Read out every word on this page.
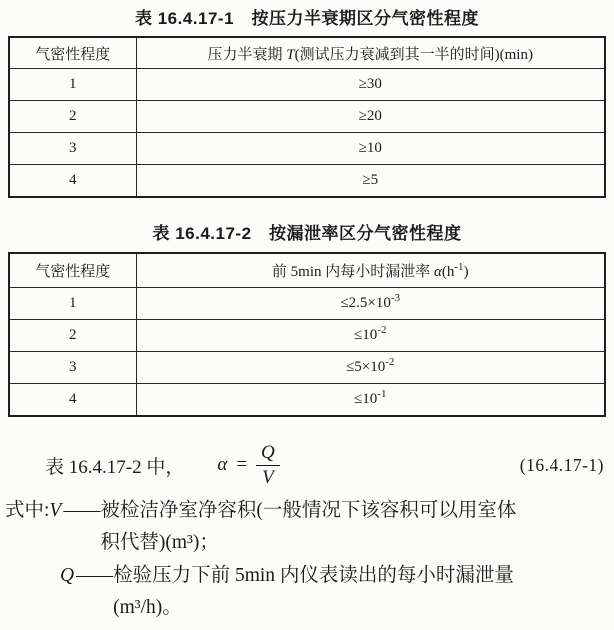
表 16.4.17-1　按压力半衰期区分气密性程度
气密性程度	压力半衰期 T(测试压力衰减到其一半的时间)(min)
1	≥30
2	≥20
3	≥10
4	≥5
表 16.4.17-2　按漏泄率区分气密性程度
气密性程度	前 5min 内每小时漏泄率 $\alpha(h^{-1})$
1	$\le 2.5\times 10^{-3}$
2	$\le 10^{-2}$
3	$\le 5\times 10^{-2}$
4	$\le 10^{-1}$
表 16.4.17-2 中， $\alpha = \frac{Q}{V}$	(16.4.17-1)
式中: V —— 被检洁净室净容积(一般情况下该容积可以用室体
积代替)(m³)；
Q —— 检验压力下前 5min 内仪表读出的每小时漏泄量
(m³/h)。
